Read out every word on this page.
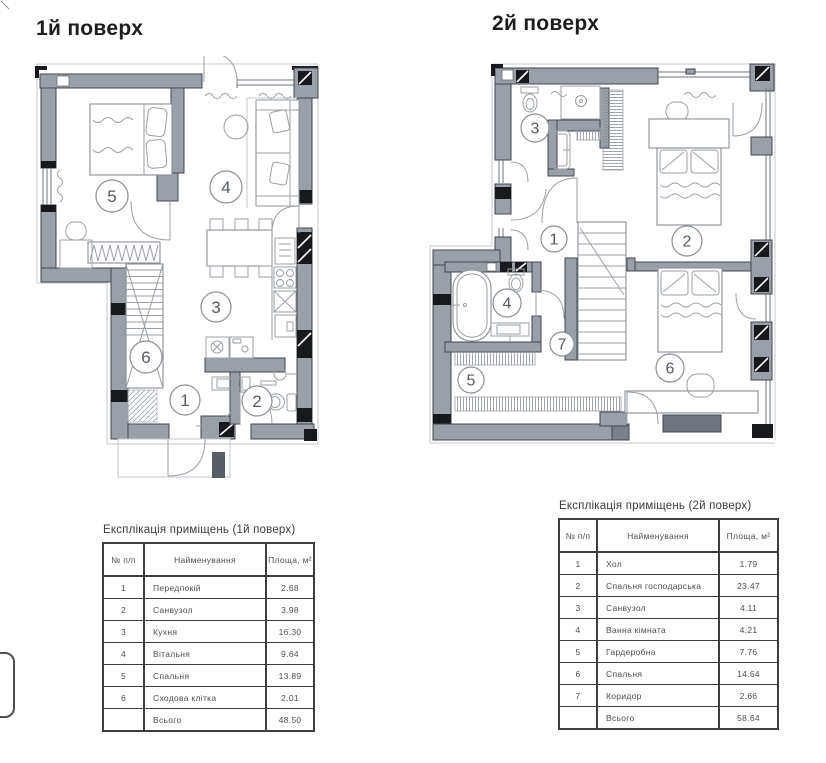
1й поверх	2й поверх
5	4
3
6
1	2
3
1	2
4
7
5
6
Експлікація приміщень (1й поверх)
№ п/п	Найменування	Площа, м²
1	Передпокій	2.68
2	Санвузол	3.98
3	Кухня	16.30
4	Вітальня	9.64
5	Спальня	13.89
6	Сходова клітка	2.01
	Всього	48.50
Експлікація приміщень (2й поверх)
№ п/п	Найменування	Площа, м²
1	Хол	1.79
2	Спальня господарська	23.47
3	Санвузол	4.11
4	Ванна кімната	4.21
5	Гардеробна	7.76
6	Спальня	14.64
7	Коридор	2.66
	Всього	58.64
